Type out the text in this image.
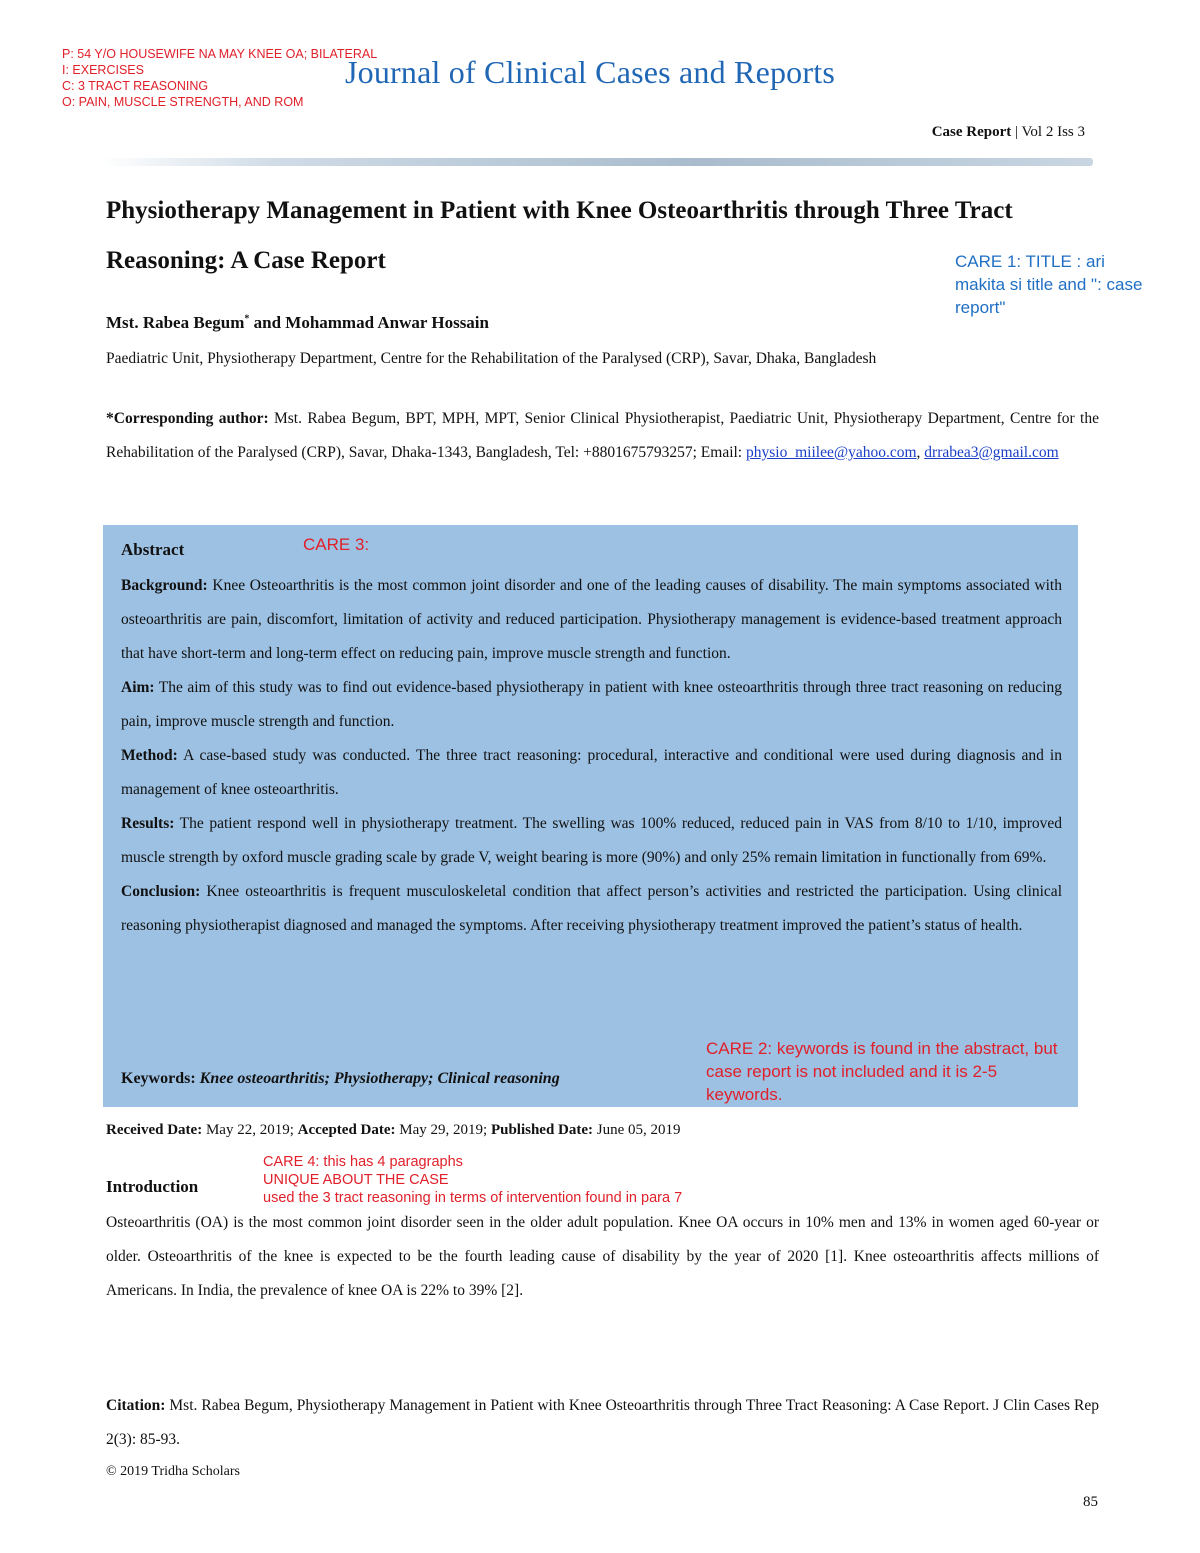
P: 54 Y/O HOUSEWIFE NA MAY KNEE OA; BILATERAL
I: EXERCISES
C: 3 TRACT REASONING
O: PAIN, MUSCLE STRENGTH, AND ROM
Journal of Clinical Cases and Reports
Case Report | Vol 2 Iss 3
Physiotherapy Management in Patient with Knee Osteoarthritis through Three Tract Reasoning: A Case Report	CARE 1: TITLE : ari makita si title and ": case report"
Mst. Rabea Begum* and Mohammad Anwar Hossain
Paediatric Unit, Physiotherapy Department, Centre for the Rehabilitation of the Paralysed (CRP), Savar, Dhaka, Bangladesh
*Corresponding author: Mst. Rabea Begum, BPT, MPH, MPT, Senior Clinical Physiotherapist, Paediatric Unit, Physiotherapy Department, Centre for the Rehabilitation of the Paralysed (CRP), Savar, Dhaka-1343, Bangladesh, Tel: +8801675793257; Email: physio_miilee@yahoo.com, drrabea3@gmail.com
Abstract	CARE 3:

Background: Knee Osteoarthritis is the most common joint disorder and one of the leading causes of disability. The main symptoms associated with osteoarthritis are pain, discomfort, limitation of activity and reduced participation. Physiotherapy management is evidence-based treatment approach that have short-term and long-term effect on reducing pain, improve muscle strength and function.

Aim: The aim of this study was to find out evidence-based physiotherapy in patient with knee osteoarthritis through three tract reasoning on reducing pain, improve muscle strength and function.

Method: A case-based study was conducted. The three tract reasoning: procedural, interactive and conditional were used during diagnosis and in management of knee osteoarthritis.

Results: The patient respond well in physiotherapy treatment. The swelling was 100% reduced, reduced pain in VAS from 8/10 to 1/10, improved muscle strength by oxford muscle grading scale by grade V, weight bearing is more (90%) and only 25% remain limitation in functionally from 69%.

Conclusion: Knee osteoarthritis is frequent musculoskeletal condition that affect person’s activities and restricted the participation. Using clinical reasoning physiotherapist diagnosed and managed the symptoms. After receiving physiotherapy treatment improved the patient’s status of health.

Keywords: Knee osteoarthritis; Physiotherapy; Clinical reasoning
CARE 2: keywords is found in the abstract, but case report is not included and it is 2-5 keywords.
Received Date: May 22, 2019; Accepted Date: May 29, 2019; Published Date: June 05, 2019
CARE 4: this has 4 paragraphs
UNIQUE ABOUT THE CASE
used the 3 tract reasoning in terms of intervention found in para 7
Introduction
Osteoarthritis (OA) is the most common joint disorder seen in the older adult population. Knee OA occurs in 10% men and 13% in women aged 60-year or older. Osteoarthritis of the knee is expected to be the fourth leading cause of disability by the year of 2020 [1]. Knee osteoarthritis affects millions of Americans. In India, the prevalence of knee OA is 22% to 39% [2].
Citation: Mst. Rabea Begum, Physiotherapy Management in Patient with Knee Osteoarthritis through Three Tract Reasoning: A Case Report. J Clin Cases Rep 2(3): 85-93.
© 2019 Tridha Scholars
85
